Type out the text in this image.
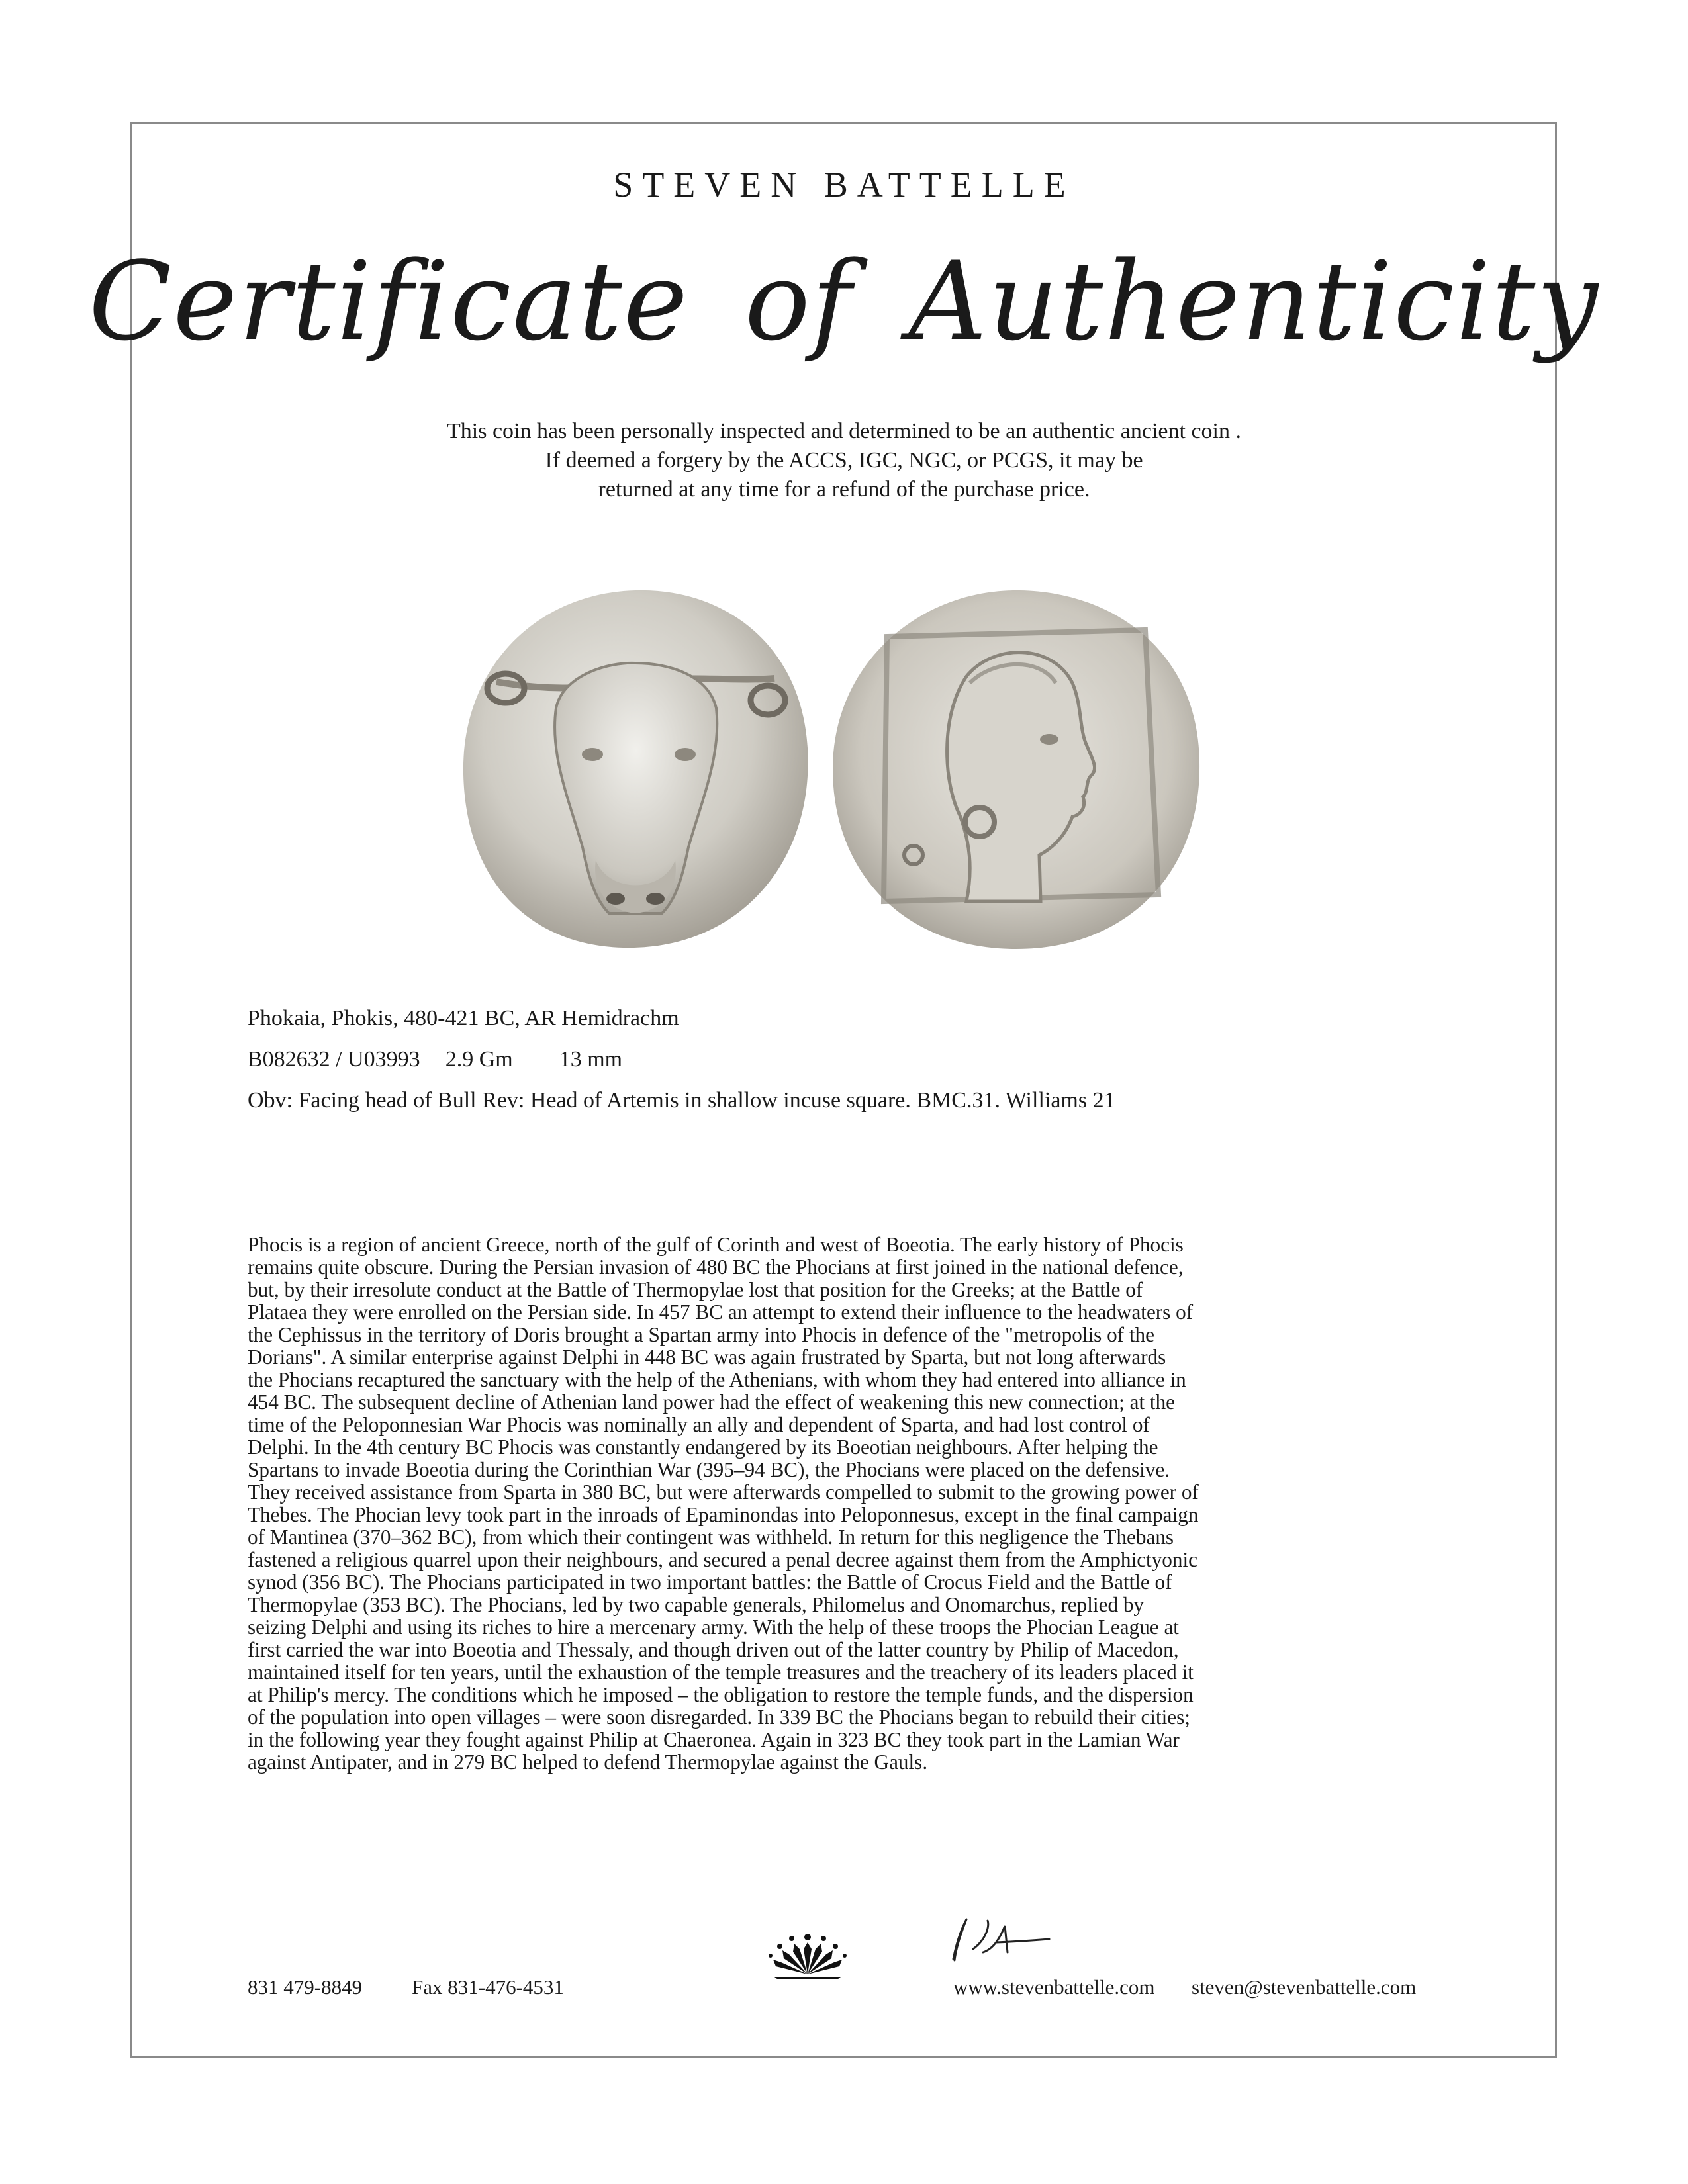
STEVEN BATTELLE
Certificate of Authenticity
This coin has been personally inspected and determined to be an authentic ancient coin .
If deemed a forgery by the ACCS, IGC, NGC, or PCGS, it may be
returned at any time for a refund of the purchase price.
Phokaia, Phokis, 480-421 BC, AR Hemidrachm
B082632 / U03993 2.9 Gm 13 mm
Obv: Facing head of Bull Rev: Head of Artemis in shallow incuse square. BMC.31. Williams 21
Phocis is a region of ancient Greece, north of the gulf of Corinth and west of Boeotia. The early history of Phocis
remains quite obscure. During the Persian invasion of 480 BC the Phocians at first joined in the national defence,
but, by their irresolute conduct at the Battle of Thermopylae lost that position for the Greeks; at the Battle of
Plataea they were enrolled on the Persian side. In 457 BC an attempt to extend their influence to the headwaters of
the Cephissus in the territory of Doris brought a Spartan army into Phocis in defence of the "metropolis of the
Dorians". A similar enterprise against Delphi in 448 BC was again frustrated by Sparta, but not long afterwards
the Phocians recaptured the sanctuary with the help of the Athenians, with whom they had entered into alliance in
454 BC. The subsequent decline of Athenian land power had the effect of weakening this new connection; at the
time of the Peloponnesian War Phocis was nominally an ally and dependent of Sparta, and had lost control of
Delphi. In the 4th century BC Phocis was constantly endangered by its Boeotian neighbours. After helping the
Spartans to invade Boeotia during the Corinthian War (395–94 BC), the Phocians were placed on the defensive.
They received assistance from Sparta in 380 BC, but were afterwards compelled to submit to the growing power of
Thebes. The Phocian levy took part in the inroads of Epaminondas into Peloponnesus, except in the final campaign
of Mantinea (370–362 BC), from which their contingent was withheld. In return for this negligence the Thebans
fastened a religious quarrel upon their neighbours, and secured a penal decree against them from the Amphictyonic
synod (356 BC). The Phocians participated in two important battles: the Battle of Crocus Field and the Battle of
Thermopylae (353 BC). The Phocians, led by two capable generals, Philomelus and Onomarchus, replied by
seizing Delphi and using its riches to hire a mercenary army. With the help of these troops the Phocian League at
first carried the war into Boeotia and Thessaly, and though driven out of the latter country by Philip of Macedon,
maintained itself for ten years, until the exhaustion of the temple treasures and the treachery of its leaders placed it
at Philip's mercy. The conditions which he imposed – the obligation to restore the temple funds, and the dispersion
of the population into open villages – were soon disregarded. In 339 BC the Phocians began to rebuild their cities;
in the following year they fought against Philip at Chaeronea. Again in 323 BC they took part in the Lamian War
against Antipater, and in 279 BC helped to defend Thermopylae against the Gauls.
831 479-8849 Fax 831-476-4531	www.stevenbattelle.com steven@stevenbattelle.com
